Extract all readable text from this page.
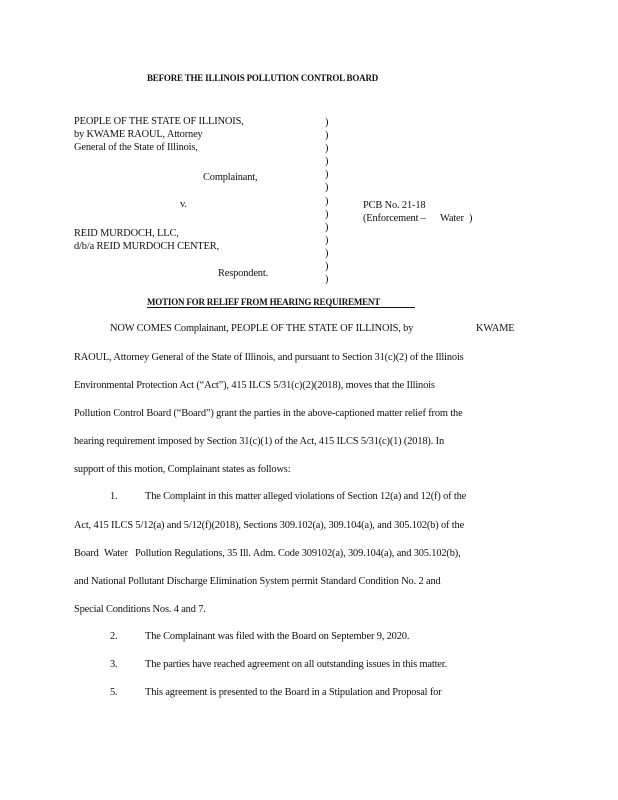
BEFORE THE ILLINOIS POLLUTION CONTROL BOARD
PEOPLE OF THE STATE OF ILLINOIS,
by KWAME RAOUL, Attorney
General of the State of Illinois,
Complainant,
v.
REID MURDOCH, LLC,
d/b/a REID MURDOCH CENTER,
Respondent.
)
)
)
)
)
)
)
)
)
)
)
)
)
PCB No. 21-18
(Enforcement – Water )
MOTION FOR RELIEF FROM HEARING REQUIREMENT
NOW COMES Complainant, PEOPLE OF THE STATE OF ILLINOIS, by	KWAME
RAOUL, Attorney General of the State of Illinois, and pursuant to Section 31(c)(2) of the Illinois
Environmental Protection Act (“Act”), 415 ILCS 5/31(c)(2)(2018), moves that the Illinois
Pollution Control Board (“Board”) grant the parties in the above-captioned matter relief from the
hearing requirement imposed by Section 31(c)(1) of the Act, 415 ILCS 5/31(c)(1) (2018). In
support of this motion, Complainant states as follows:
1.	The Complaint in this matter alleged violations of Section 12(a) and 12(f) of the
Act, 415 ILCS 5/12(a) and 5/12(f)(2018), Sections 309.102(a), 309.104(a), and 305.102(b) of the
Board Water Pollution Regulations, 35 Ill. Adm. Code 309102(a), 309.104(a), and 305.102(b),
and National Pollutant Discharge Elimination System permit Standard Condition No. 2 and
Special Conditions Nos. 4 and 7.
2.	The Complainant was filed with the Board on September 9, 2020.
3.	The parties have reached agreement on all outstanding issues in this matter.
5.	This agreement is presented to the Board in a Stipulation and Proposal for
